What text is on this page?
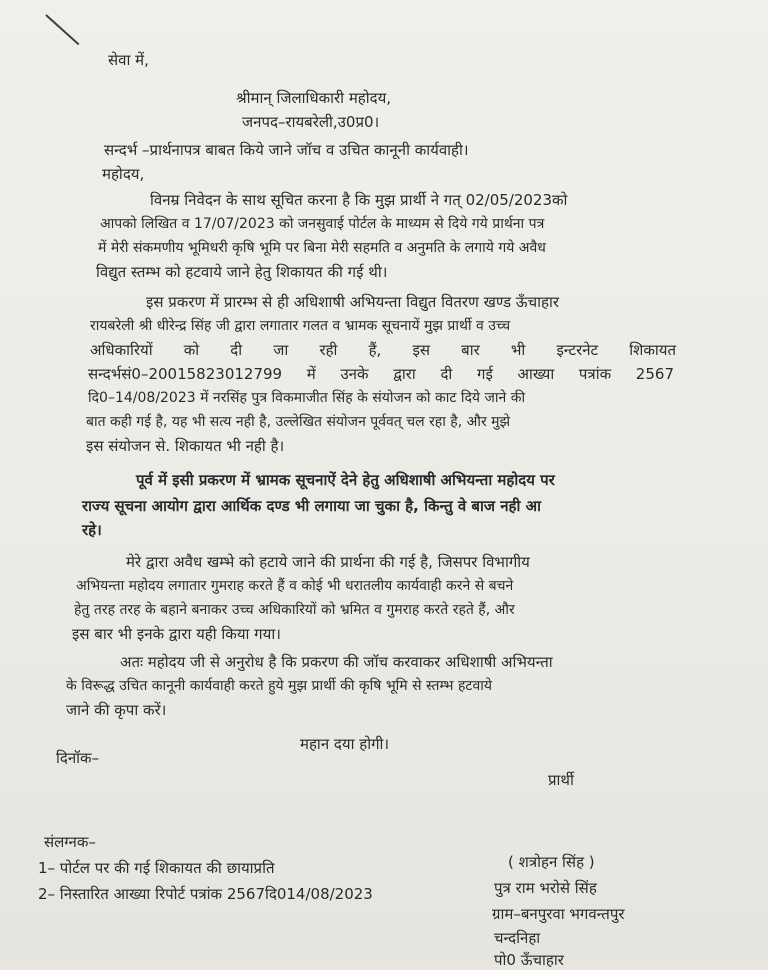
सेवा में,
श्रीमान् जिलाधिकारी महोदय,
जनपद–रायबरेली,उ0प्र0।
सन्दर्भ –प्रार्थनापत्र बाबत किये जाने जॉच व उचित कानूनी कार्यवाही।
महोदय,
विनम्र निवेदन के साथ सूचित करना है कि मुझ प्रार्थी ने गत् 02/05/2023को
आपको लिखित व 17/07/2023 को जनसुवाई पोर्टल के माध्यम से दिये गये प्रार्थना पत्र
में मेरी संकमणीय भूमिधरी कृषि भूमि पर बिना मेरी सहमति व अनुमति के लगाये गये अवैध
विद्युत स्तम्भ को हटवाये जाने हेतु शिकायत की गई थी।
इस प्रकरण में प्रारम्भ से ही अधिशाषी अभियन्ता विद्युत वितरण खण्ड ऊँचाहार
रायबरेली श्री धीरेन्द्र सिंह जी द्वारा लगातार गलत व भ्रामक सूचनायें मुझ प्रार्थी व उच्च
अधिकारियों को दी जा रही हैं, इस बार भी इन्टरनेट शिकायत
सन्दर्भसं0–20015823012799 में उनके द्वारा दी गई आख्या पत्रांक 2567
दि0–14/08/2023 में नरसिंह पुत्र विकमाजीत सिंह के संयोजन को काट दिये जाने की
बात कही गई है, यह भी सत्य नही है, उल्लेखित संयोजन पूर्ववत् चल रहा है, और मुझे
इस संयोजन से. शिकायत भी नही है।
पूर्व में इसी प्रकरण में भ्रामक सूचनाऐं देने हेतु अधिशाषी अभियन्ता महोदय पर
राज्य सूचना आयोग द्वारा आर्थिक दण्ड भी लगाया जा चुका है, किन्तु वे बाज नही आ
रहे।
मेरे द्वारा अवैध खम्भे को हटाये जाने की प्रार्थना की गई है, जिसपर विभागीय
अभियन्ता महोदय लगातार गुमराह करते हैं व कोई भी धरातलीय कार्यवाही करने से बचने
हेतु तरह तरह के बहाने बनाकर उच्च अधिकारियों को भ्रमित व गुमराह करते रहते हैं, और
इस बार भी इनके द्वारा यही किया गया।
अतः महोदय जी से अनुरोध है कि प्रकरण की जॉच करवाकर अधिशाषी अभियन्ता
के विरूद्ध उचित कानूनी कार्यवाही करते हुये मुझ प्रार्थी की कृषि भूमि से स्तम्भ हटवाये
जाने की कृपा करें।
महान दया होगी।
दिनॉक–
प्रार्थी
संलग्नक–
1– पोर्टल पर की गई शिकायत की छायाप्रति
2– निस्तारित आख्या रिपोर्ट पत्रांक 2567दि014/08/2023
( शत्रोहन सिंह )
पुत्र राम भरोसे सिंह
ग्राम–बनपुरवा भगवन्तपुर
चन्दनिहा
पो0 ऊँचाहार
